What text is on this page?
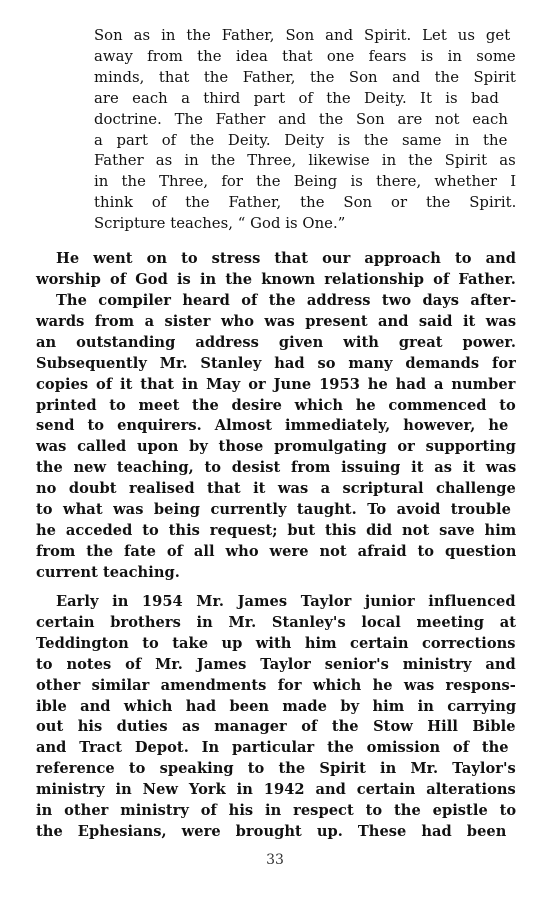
Son as in the Father, Son and Spirit. Let us get
away from the idea that one fears is in some
minds, that the Father, the Son and the Spirit
are each a third part of the Deity. It is bad
doctrine. The Father and the Son are not each
a part of the Deity. Deity is the same in the
Father as in the Three, likewise in the Spirit as
in the Three, for the Being is there, whether I
think of the Father, the Son or the Spirit.
Scripture teaches, “ God is One.”
He went on to stress that our approach to and
worship of God is in the known relationship of Father.
The compiler heard of the address two days after-
wards from a sister who was present and said it was
an outstanding address given with great power.
Subsequently Mr. Stanley had so many demands for
copies of it that in May or June 1953 he had a number
printed to meet the desire which he commenced to
send to enquirers. Almost immediately, however, he
was called upon by those promulgating or supporting
the new teaching, to desist from issuing it as it was
no doubt realised that it was a scriptural challenge
to what was being currently taught. To avoid trouble
he acceded to this request; but this did not save him
from the fate of all who were not afraid to question
current teaching.
Early in 1954 Mr. James Taylor junior influenced
certain brothers in Mr. Stanley's local meeting at
Teddington to take up with him certain corrections
to notes of Mr. James Taylor senior's ministry and
other similar amendments for which he was respons-
ible and which had been made by him in carrying
out his duties as manager of the Stow Hill Bible
and Tract Depot. In particular the omission of the
reference to speaking to the Spirit in Mr. Taylor's
ministry in New York in 1942 and certain alterations
in other ministry of his in respect to the epistle to
the Ephesians, were brought up. These had been
33
